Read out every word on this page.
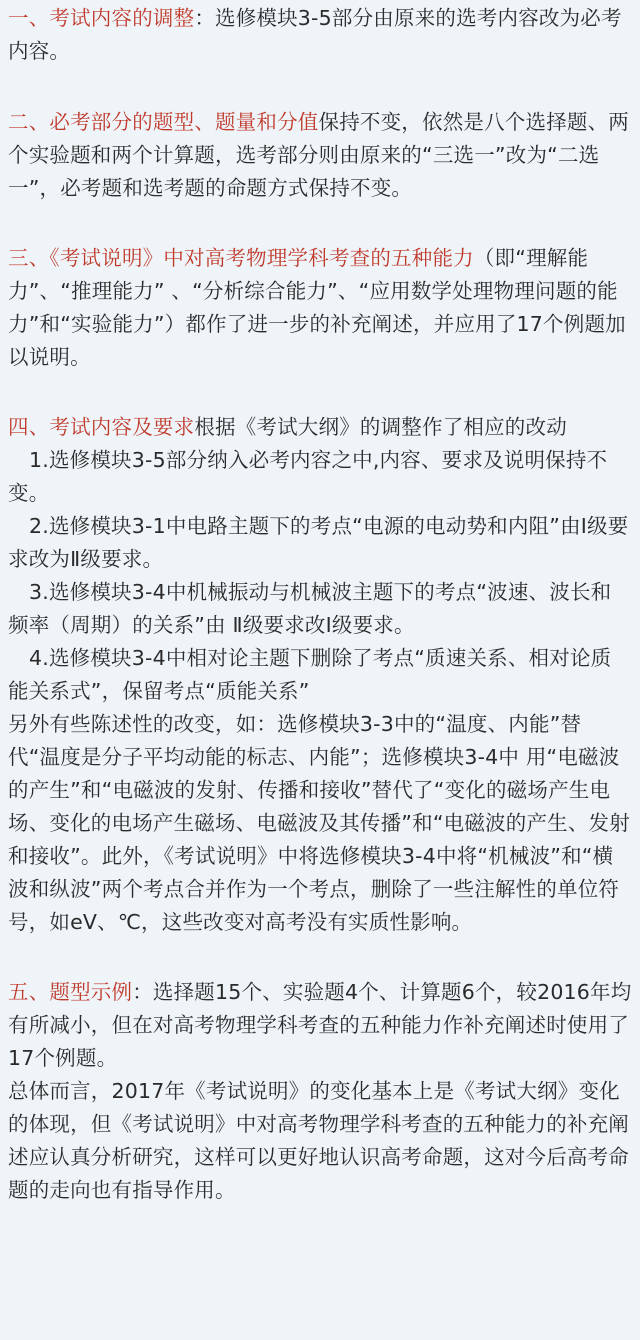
一、考试内容的调整：选修模块3-5部分由原来的选考内容改为必考内容。

二、必考部分的题型、题量和分值保持不变，依然是八个选择题、两个实验题和两个计算题，选考部分则由原来的“三选一”改为“二选一”，必考题和选考题的命题方式保持不变。

三、《考试说明》中对高考物理学科考查的五种能力（即“理解能力”、“推理能力” 、“分析综合能力”、“应用数学处理物理问题的能力”和“实验能力”）都作了进一步的补充阐述，并应用了17个例题加以说明。

四、考试内容及要求根据《考试大纲》的调整作了相应的改动

1.选修模块3-5部分纳入必考内容之中,内容、要求及说明保持不变。

2.选修模块3-1中电路主题下的考点“电源的电动势和内阻”由Ⅰ级要求改为Ⅱ级要求。

3.选修模块3-4中机械振动与机械波主题下的考点“波速、波长和频率（周期）的关系”由 Ⅱ级要求改I级要求。

4.选修模块3-4中相对论主题下删除了考点“质速关系、相对论质能关系式”，保留考点“质能关系”

另外有些陈述性的改变，如：选修模块3-3中的“温度、内能”替代“温度是分子平均动能的标志、内能”；选修模块3-4中 用“电磁波的产生”和“电磁波的发射、传播和接收”替代了“变化的磁场产生电场、变化的电场产生磁场、电磁波及其传播”和“电磁波的产生、发射和接收”。此外，《考试说明》中将选修模块3-4中将“机械波”和“横波和纵波”两个考点合并作为一个考点，删除了一些注解性的单位符号，如eV、℃，这些改变对高考没有实质性影响。

五、题型示例：选择题15个、实验题4个、计算题6个，较2016年均有所减小，但在对高考物理学科考查的五种能力作补充阐述时使用了17个例题。

总体而言，2017年《考试说明》的变化基本上是《考试大纲》变化的体现，但《考试说明》中对高考物理学科考查的五种能力的补充阐述应认真分析研究，这样可以更好地认识高考命题，这对今后高考命题的走向也有指导作用。
